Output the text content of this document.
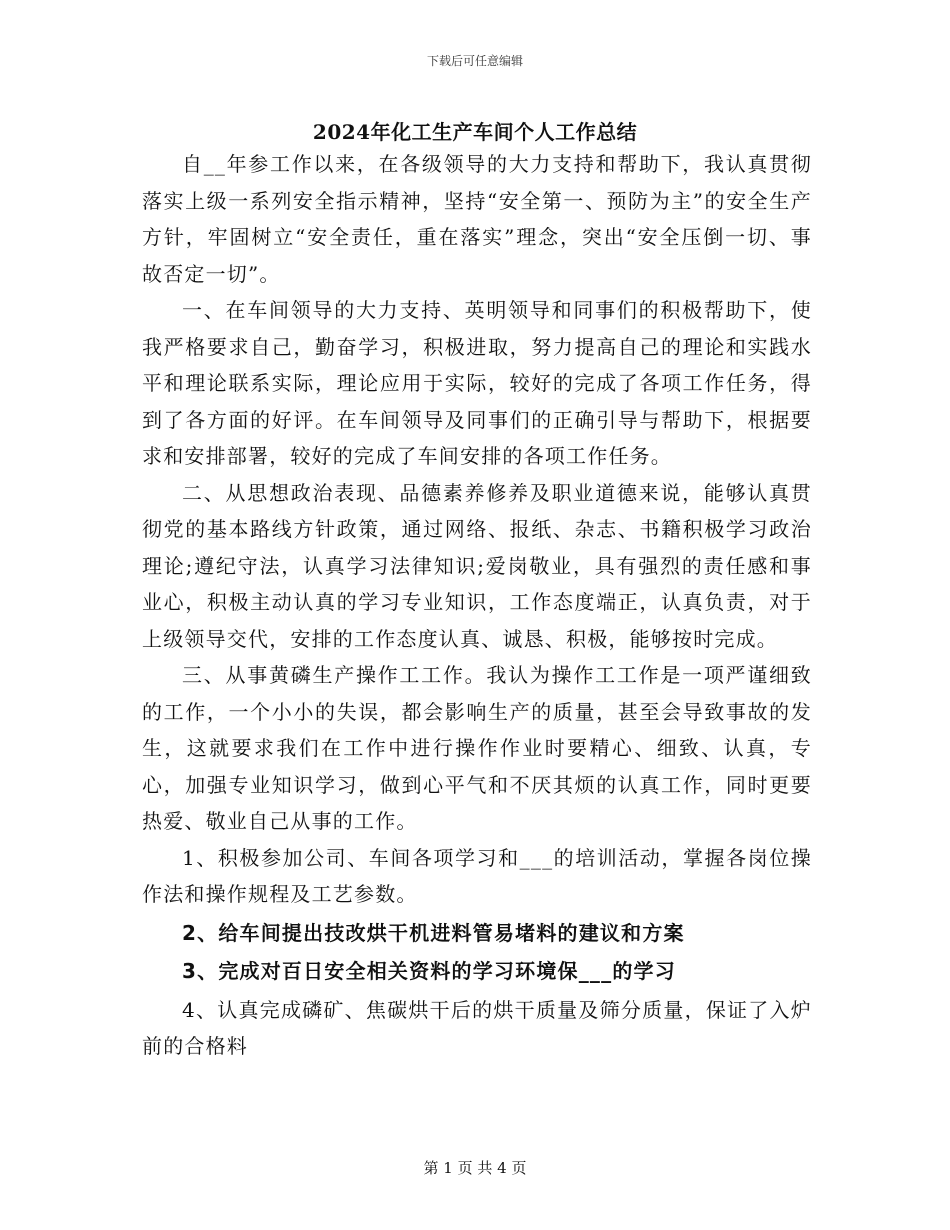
下载后可任意编辑
2024年化工生产车间个人工作总结

自__年参工作以来，在各级领导的大力支持和帮助下，我认真贯彻落实上级一系列安全指示精神，坚持“安全第一、预防为主”的安全生产方针，牢固树立“安全责任，重在落实”理念，突出“安全压倒一切、事故否定一切”。

一、在车间领导的大力支持、英明领导和同事们的积极帮助下，使我严格要求自己，勤奋学习，积极进取，努力提高自己的理论和实践水平和理论联系实际，理论应用于实际，较好的完成了各项工作任务，得到了各方面的好评。在车间领导及同事们的正确引导与帮助下，根据要求和安排部署，较好的完成了车间安排的各项工作任务。

二、从思想政治表现、品德素养修养及职业道德来说，能够认真贯彻党的基本路线方针政策，通过网络、报纸、杂志、书籍积极学习政治理论;遵纪守法，认真学习法律知识;爱岗敬业，具有强烈的责任感和事业心，积极主动认真的学习专业知识，工作态度端正，认真负责，对于上级领导交代，安排的工作态度认真、诚恳、积极，能够按时完成。

三、从事黄磷生产操作工工作。我认为操作工工作是一项严谨细致的工作，一个小小的失误，都会影响生产的质量，甚至会导致事故的发生，这就要求我们在工作中进行操作作业时要精心、细致、认真，专心，加强专业知识学习，做到心平气和不厌其烦的认真工作，同时更要热爱、敬业自己从事的工作。

1、积极参加公司、车间各项学习和___的培训活动，掌握各岗位操作法和操作规程及工艺参数。

2、给车间提出技改烘干机进料管易堵料的建议和方案

3、完成对百日安全相关资料的学习环境保___的学习

4、认真完成磷矿、焦碳烘干后的烘干质量及筛分质量，保证了入炉前的合格料

第 1 页 共 4 页
